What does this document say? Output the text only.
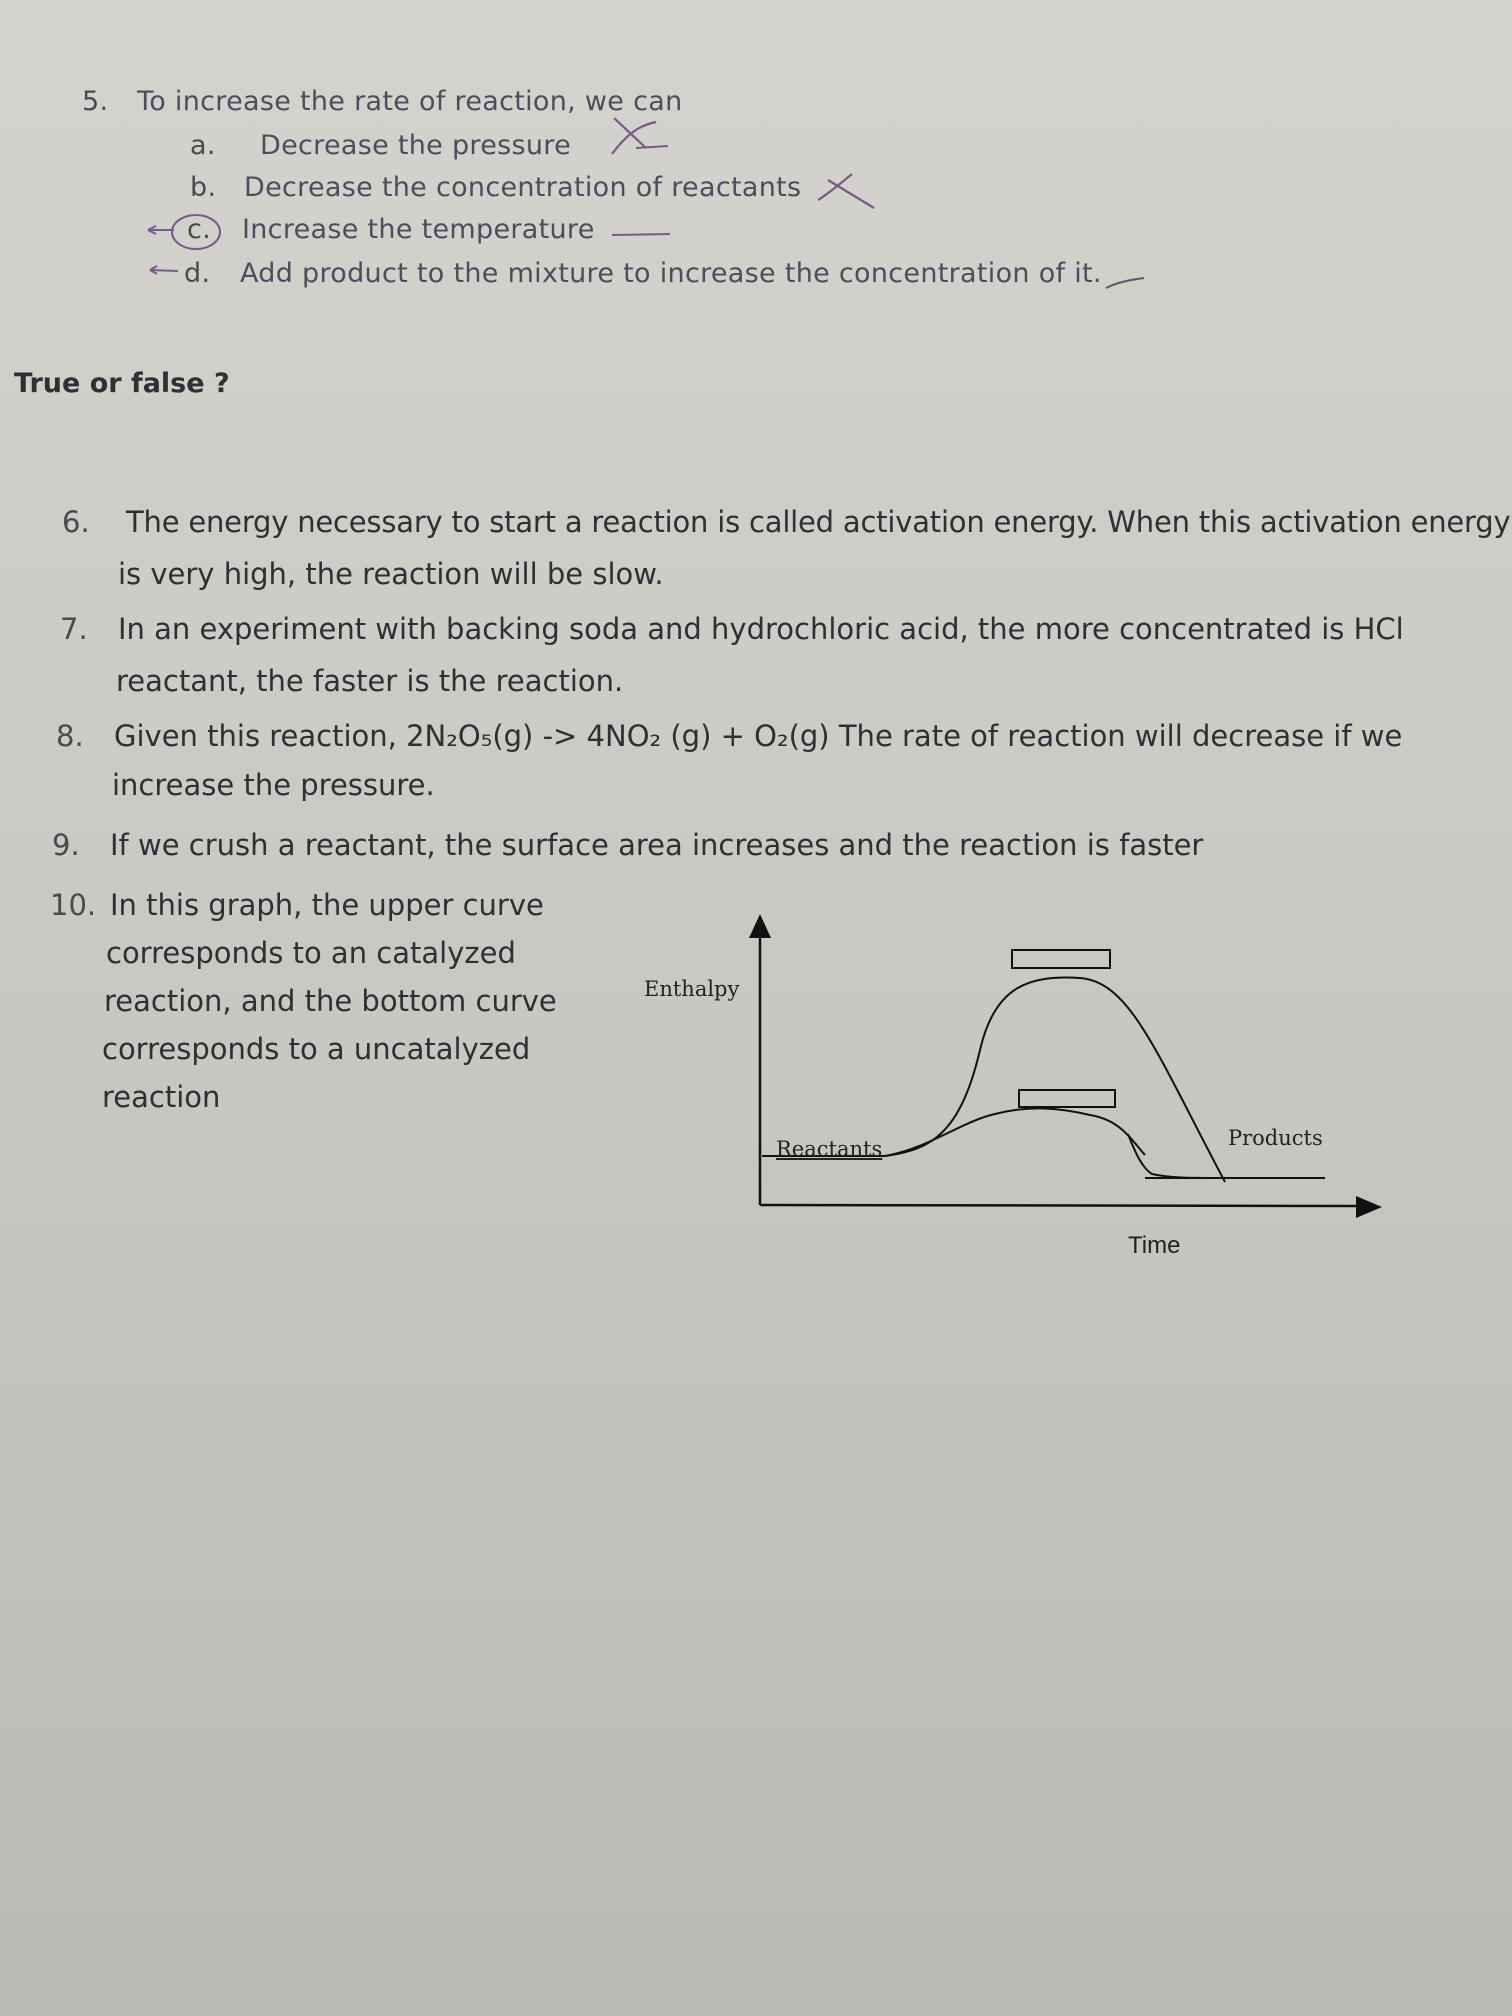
5. To increase the rate of reaction, we can
a. Decrease the pressure
b. Decrease the concentration of reactants
c. Increase the temperature
d. Add product to the mixture to increase the concentration of it.
True or false ?
6. The energy necessary to start a reaction is called activation energy. When this activation energy
is very high, the reaction will be slow.
7. In an experiment with backing soda and hydrochloric acid, the more concentrated is HCl
reactant, the faster is the reaction.
8. Given this reaction, 2N₂O₅(g) -> 4NO₂ (g) + O₂(g) The rate of reaction will decrease if we
increase the pressure.
9. If we crush a reactant, the surface area increases and the reaction is faster
10. In this graph, the upper curve
corresponds to an catalyzed
reaction, and the bottom curve
corresponds to a uncatalyzed
reaction
Enthalpy
Reactants	Products
Time
